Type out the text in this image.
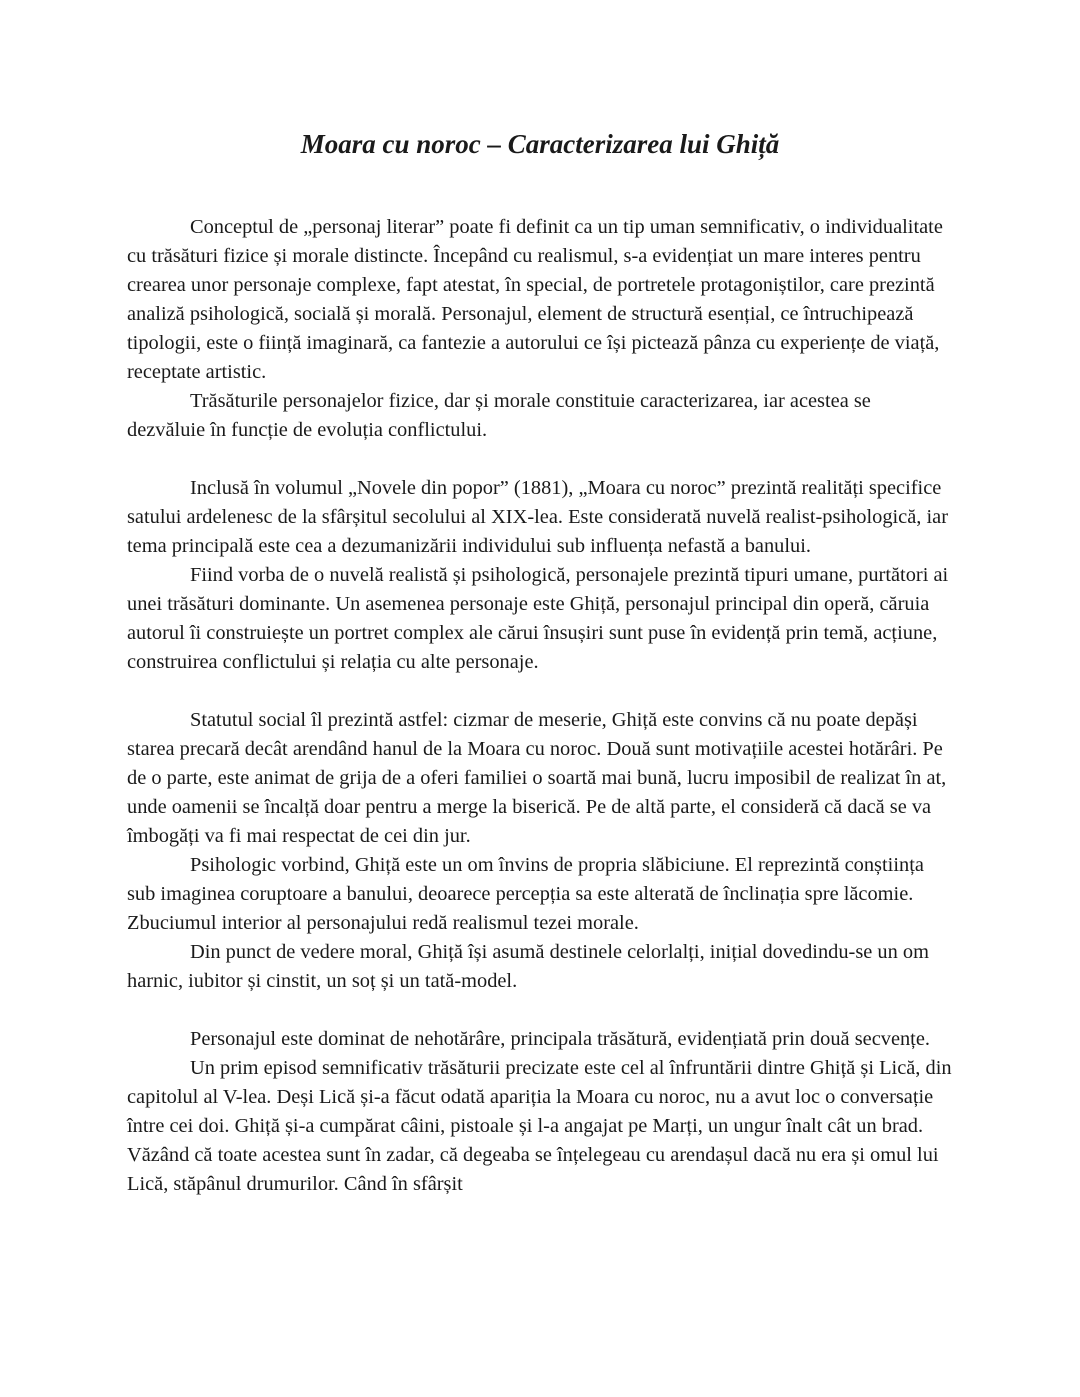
Moara cu noroc – Caracterizarea lui Ghiță

Conceptul de „personaj literar” poate fi definit ca un tip uman semnificativ, o individualitate cu trăsături fizice și morale distincte. Începând cu realismul, s-a evidențiat un mare interes pentru crearea unor personaje complexe, fapt atestat, în special, de portretele protagoniștilor, care prezintă analiză psihologică, socială și morală. Personajul, element de structură esențial, ce întruchipează tipologii, este o ființă imaginară, ca fantezie a autorului ce își pictează pânza cu experiențe de viață, receptate artistic.

Trăsăturile personajelor fizice, dar și morale constituie caracterizarea, iar acestea se dezvăluie în funcție de evoluția conflictului.

Inclusă în volumul „Novele din popor” (1881), „Moara cu noroc” prezintă realități specifice satului ardelenesc de la sfârșitul secolului al XIX-lea. Este considerată nuvelă realist-psihologică, iar tema principală este cea a dezumanizării individului sub influența nefastă a banului.

Fiind vorba de o nuvelă realistă și psihologică, personajele prezintă tipuri umane, purtători ai unei trăsături dominante. Un asemenea personaje este Ghiță, personajul principal din operă, căruia autorul îi construiește un portret complex ale cărui însușiri sunt puse în evidență prin temă, acțiune, construirea conflictului și relația cu alte personaje.

Statutul social îl prezintă astfel: cizmar de meserie, Ghiță este convins că nu poate depăși starea precară decât arendând hanul de la Moara cu noroc. Două sunt motivațiile acestei hotărâri. Pe de o parte, este animat de grija de a oferi familiei o soartă mai bună, lucru imposibil de realizat în at, unde oamenii se încalță doar pentru a merge la biserică. Pe de altă parte, el consideră că dacă se va îmbogăți va fi mai respectat de cei din jur.

Psihologic vorbind, Ghiță este un om învins de propria slăbiciune. El reprezintă conștiința sub imaginea coruptoare a banului, deoarece percepția sa este alterată de înclinația spre lăcomie. Zbuciumul interior al personajului redă realismul tezei morale.

Din punct de vedere moral, Ghiță își asumă destinele celorlalți, inițial dovedindu-se un om harnic, iubitor și cinstit, un soț și un tată-model.

Personajul este dominat de nehotărâre, principala trăsătură, evidențiată prin două secvențe.

Un prim episod semnificativ trăsăturii precizate este cel al înfruntării dintre Ghiță și Lică, din capitolul al V-lea. Deși Lică și-a făcut odată apariția la Moara cu noroc, nu a avut loc o conversație între cei doi. Ghiță și-a cumpărat câini, pistoale și l-a angajat pe Marți, un ungur înalt cât un brad. Văzând că toate acestea sunt în zadar, că degeaba se înțelegeau cu arendașul dacă nu era și omul lui Lică, stăpânul drumurilor. Când în sfârșit
